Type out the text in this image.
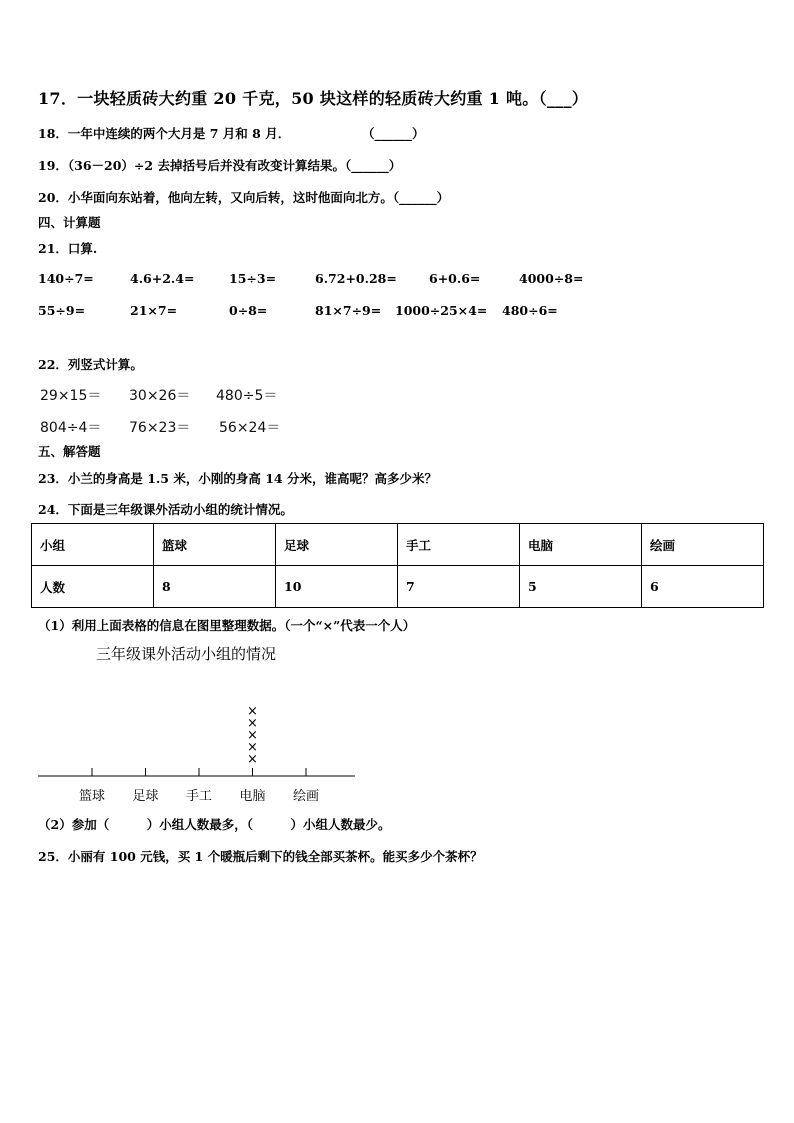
17．一块轻质砖大约重 20 千克，50 块这样的轻质砖大约重 1 吨。（___）
18．一年中连续的两个大月是 7 月和 8 月．	（______）
19．（36－20）÷2 去掉括号后并没有改变计算结果。（______）
20．小华面向东站着，他向左转，又向后转，这时他面向北方。（______）
四、计算题
21．口算.
140÷7=	4.6+2.4=	15÷3=	6.72+0.28=	6+0.6=	4000÷8=
55÷9=	21×7=	0÷8=	81×7÷9= 1000÷25×4= 480÷6=
22．列竖式计算。
29×15＝ 30×26＝ 480÷5＝
804÷4＝ 76×23＝ 56×24＝
五、解答题
23．小兰的身高是 1.5 米，小刚的身高 14 分米，谁高呢？高多少米？
24．下面是三年级课外活动小组的统计情况。
小组	篮球	足球	手工	电脑	绘画
人数	8	10	7	5	6
（1）利用上面表格的信息在图里整理数据。（一个“×”代表一个人）
三年级课外活动小组的情况
篮球 足球 手工 电脑
×
×
×
×
×
绘画
（2）参加（　　　）小组人数最多，（　　　）小组人数最少。
25．小丽有 100 元钱，买 1 个暖瓶后剩下的钱全部买茶杯。能买多少个茶杯？
